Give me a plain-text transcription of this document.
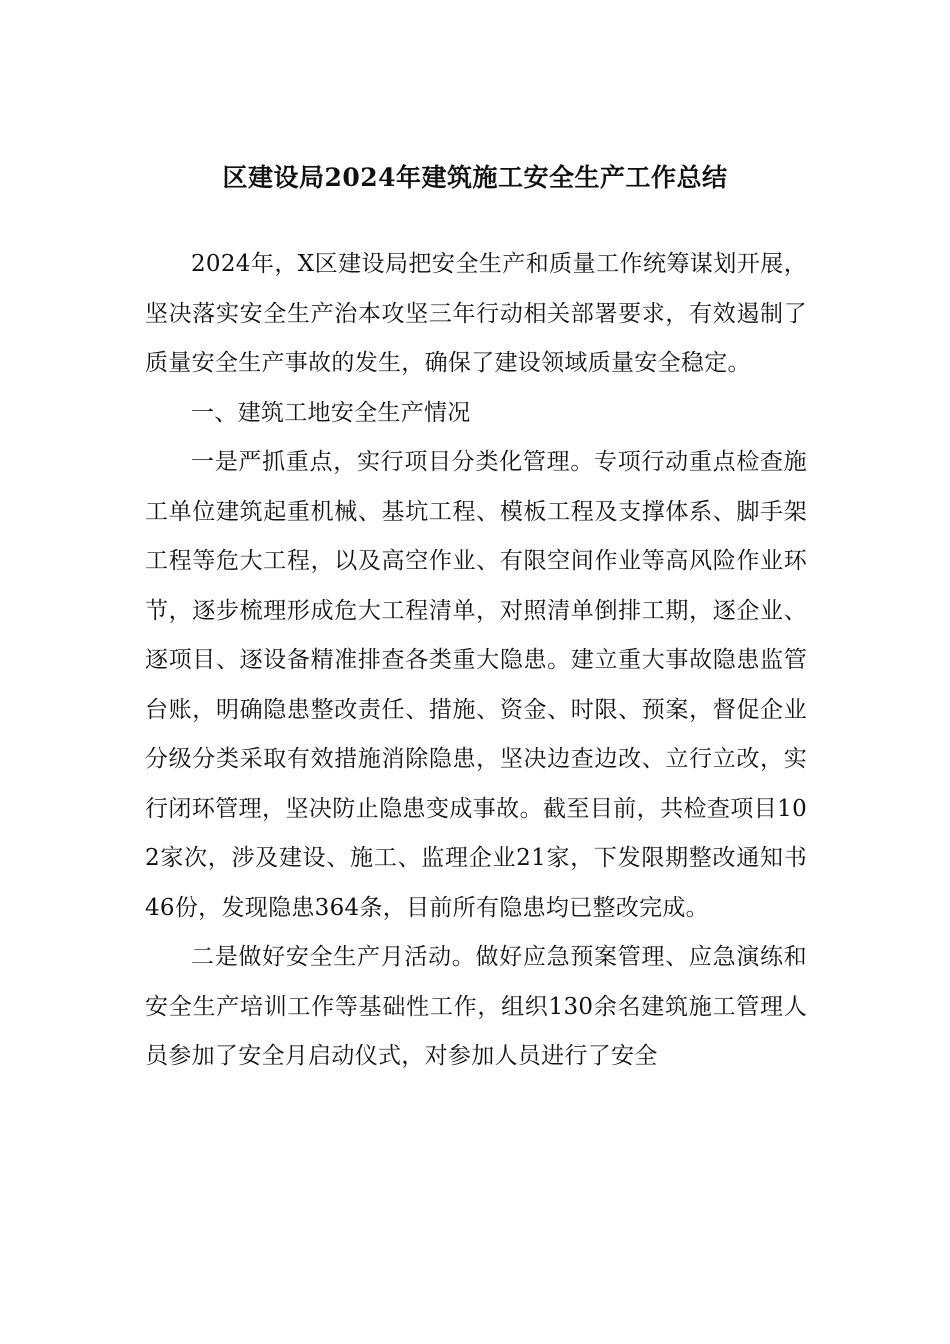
区建设局2024年建筑施工安全生产工作总结

2024年，X区建设局把安全生产和质量工作统筹谋划开展，坚决落实安全生产治本攻坚三年行动相关部署要求，有效遏制了质量安全生产事故的发生，确保了建设领域质量安全稳定。

一、建筑工地安全生产情况

一是严抓重点，实行项目分类化管理。专项行动重点检查施工单位建筑起重机械、基坑工程、模板工程及支撑体系、脚手架工程等危大工程，以及高空作业、有限空间作业等高风险作业环节，逐步梳理形成危大工程清单，对照清单倒排工期，逐企业、逐项目、逐设备精准排查各类重大隐患。建立重大事故隐患监管台账，明确隐患整改责任、措施、资金、时限、预案，督促企业分级分类采取有效措施消除隐患，坚决边查边改、立行立改，实行闭环管理，坚决防止隐患变成事故。截至目前，共检查项目102家次，涉及建设、施工、监理企业21家，下发限期整改通知书46份，发现隐患364条，目前所有隐患均已整改完成。

二是做好安全生产月活动。做好应急预案管理、应急演练和安全生产培训工作等基础性工作，组织130余名建筑施工管理人员参加了安全月启动仪式，对参加人员进行了安全
